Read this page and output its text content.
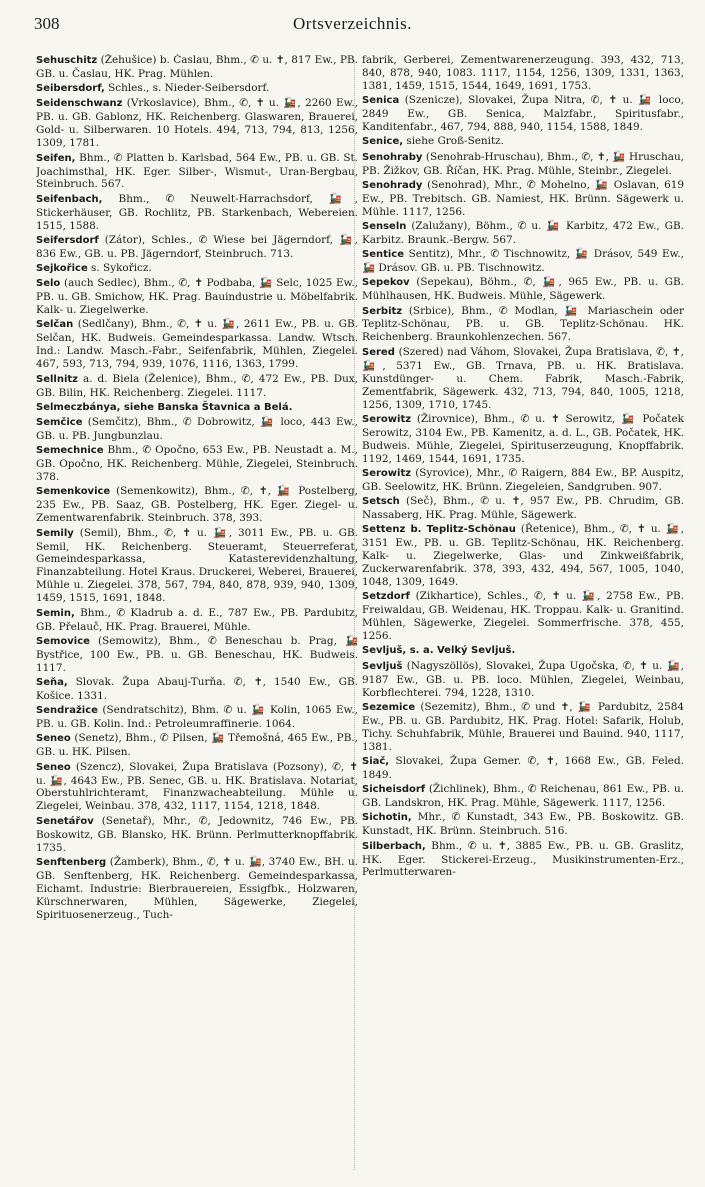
308	Ortsverzeichnis.

Sehuschitz (Žehušice) b. Časlau, Bhm., ✆ u. ✝, 817 Ew., PB. GB. u. Časlau, HK. Prag. Mühlen.

Seibersdorf, Schles., s. Nieder-Seibersdorf.

Seidenschwanz (Vrkoslavice), Bhm., ✆, ✝ u. 🚂, 2260 Ew., PB. u. GB. Gablonz, HK. Reichenberg. Glaswaren, Brauerei, Gold- u. Silberwaren. 10 Hotels. 494, 713, 794, 813, 1256, 1309, 1781.

Seifen, Bhm., ✆ Platten b. Karlsbad, 564 Ew., PB. u. GB. St. Joachimsthal, HK. Eger. Silber-, Wismut-, Uran-Bergbau, Steinbruch. 567.

Seifenbach, Bhm., ✆ Neuwelt-Harrachsdorf, 🚂, Stickerhäuser, GB. Rochlitz, PB. Starkenbach, Webereien. 1515, 1588.

Seifersdorf (Zátor), Schles., ✆ Wiese bei Jägerndorf, 🚂, 836 Ew., GB. u. PB. Jägerndorf, Steinbruch. 713.

Sejkořice s. Sykořicz.

Selo (auch Sedlec), Bhm., ✆, ✝ Podbaba, 🚂 Selc, 1025 Ew., PB. u. GB. Smichow, HK. Prag. Bauindustrie u. Möbelfabrik. Kalk- u. Ziegelwerke.

Selčan (Sedlčany), Bhm., ✆, ✝ u. 🚂, 2611 Ew., PB. u. GB. Selčan, HK. Budweis. Gemeindesparkassa. Landw. Wtsch. Ind.: Landw. Masch.-Fabr., Seifenfabrik, Mühlen, Ziegelei. 467, 593, 713, 794, 939, 1076, 1116, 1363, 1799.

Sellnitz a. d. Biela (Želenice), Bhm., ✆, 472 Ew., PB. Dux, GB. Bilin, HK. Reichenberg. Ziegelei. 1117.

Selmeczbánya, siehe Banska Štavnica a Belá.

Semčice (Semčitz), Bhm., ✆ Dobrowitz, 🚂 loco, 443 Ew., GB. u. PB. Jungbunzlau.

Semechnice Bhm., ✆ Opočno, 653 Ew., PB. Neustadt a. M., GB. Opočno, HK. Reichenberg. Mühle, Ziegelei, Steinbruch. 378.

Semenkovice (Semenkowitz), Bhm., ✆, ✝, 🚂 Postelberg, 235 Ew., PB. Saaz, GB. Postelberg, HK. Eger. Ziegel- u. Zementwarenfabrik. Steinbruch. 378, 393.

Semily (Semil), Bhm., ✆, ✝ u. 🚂, 3011 Ew., PB. u. GB. Semil, HK. Reichenberg. Steueramt, Steuerreferat, Gemeindesparkassa, Katasterevidenzhaltung, Finanzabteilung. Hotel Kraus. Druckerei, Weberei, Brauerei, Mühle u. Ziegelei. 378, 567, 794, 840, 878, 939, 940, 1309, 1459, 1515, 1691, 1848.

Semin, Bhm., ✆ Kladrub a. d. E., 787 Ew., PB. Pardubitz, GB. Přelauč, HK. Prag. Brauerei, Mühle.

Semovice (Semowitz), Bhm., ✆ Beneschau b. Prag, 🚂 Bystřice, 100 Ew., PB. u. GB. Beneschau, HK. Budweis. 1117.

Seňa, Slovak. Župa Abauj-Turňa. ✆, ✝, 1540 Ew., GB. Košice. 1331.

Sendražice (Sendratschitz), Bhm. ✆ u. 🚂 Kolin, 1065 Ew., PB. u. GB. Kolin. Ind.: Petroleumraffinerie. 1064.

Seneo (Senetz), Bhm., ✆ Pilsen, 🚂 Třemošná, 465 Ew., PB., GB. u. HK. Pilsen.

Seneo (Szencz), Slovakei, Župa Bratislava (Pozsony), ✆, ✝ u. 🚂, 4643 Ew., PB. Senec, GB. u. HK. Bratislava. Notariat, Oberstuhlrichteramt, Finanzwacheabteilung. Mühle u. Ziegelei, Weinbau. 378, 432, 1117, 1154, 1218, 1848.

Senetářov (Senetař), Mhr., ✆, Jedownitz, 746 Ew., PB. Boskowitz, GB. Blansko, HK. Brünn. Perlmutterknopffabrik. 1735.

Senftenberg (Žamberk), Bhm., ✆, ✝ u. 🚂, 3740 Ew., BH. u. GB. Senftenberg, HK. Reichenberg. Gemeindesparkassa, Eichamt. Industrie: Bierbrauereien, Essigfbk., Holzwaren, Kürschnerwaren, Mühlen, Sägewerke, Ziegelei, Spirituosenerzeug., Tuch-

fabrik, Gerberei, Zementwarenerzeugung. 393, 432, 713, 840, 878, 940, 1083. 1117, 1154, 1256, 1309, 1331, 1363, 1381, 1459, 1515, 1544, 1649, 1691, 1753.

Senica (Szenicze), Slovakei, Župa Nitra, ✆, ✝ u. 🚂 loco, 2849 Ew., GB. Senica, Malzfabr., Spiritusfabr., Kanditenfabr., 467, 794, 888, 940, 1154, 1588, 1849.

Senice, siehe Groß-Senitz.

Senohraby (Senohrab-Hruschau), Bhm., ✆, ✝, 🚂 Hruschau, PB. Žižkov, GB. Říčan, HK. Prag. Mühle, Steinbr., Ziegelei.

Senohrady (Senohrad), Mhr., ✆ Mohelno, 🚂 Oslavan, 619 Ew., PB. Trebitsch. GB. Namiest, HK. Brünn. Sägewerk u. Mühle. 1117, 1256.

Senseln (Zalužany), Böhm., ✆ u. 🚂 Karbitz, 472 Ew., GB. Karbitz. Braunk.-Bergw. 567.

Sentice Sentitz), Mhr., ✆ Tischnowitz, 🚂 Drásov, 549 Ew., 🚂 Drásov. GB. u. PB. Tischnowitz.

Sepekov (Sepekau), Böhm., ✆, 🚂, 965 Ew., PB. u. GB. Mühlhausen, HK. Budweis. Mühle, Sägewerk.

Serbitz (Srbice), Bhm., ✆ Modlan, 🚂 Mariaschein oder Teplitz-Schönau, PB. u. GB. Teplitz-Schönau. HK. Reichenberg. Braunkohlenzechen. 567.

Sered (Szered) nad Váhom, Slovakei, Župa Bratislava, ✆, ✝, 🚂, 5371 Ew., GB. Trnava, PB. u. HK. Bratislava. Kunstdünger- u. Chem. Fabrik, Masch.-Fabrik, Zementfabrik, Sägewerk. 432, 713, 794, 840, 1005, 1218, 1256, 1309, 1710, 1745.

Serowitz (Žirovnice), Bhm., ✆ u. ✝ Serowitz, 🚂 Počatek Serowitz, 3104 Ew., PB. Kamenitz, a. d. L., GB. Počatek, HK. Budweis. Mühle, Ziegelei, Spirituserzeugung, Knopffabrik. 1192, 1469, 1544, 1691, 1735.

Serowitz (Syrovice), Mhr., ✆ Raigern, 884 Ew., BP. Auspitz, GB. Seelowitz, HK. Brünn. Ziegeleien, Sandgruben. 907.

Setsch (Seč), Bhm., ✆ u. ✝, 957 Ew., PB. Chrudim, GB. Nassaberg, HK. Prag. Mühle, Sägewerk.

Settenz b. Teplitz-Schönau (Řetenice), Bhm., ✆, ✝ u. 🚂, 3151 Ew., PB. u. GB. Teplitz-Schönau, HK. Reichenberg. Kalk- u. Ziegelwerke, Glas- und Zinkweißfabrik, Zuckerwarenfabrik. 378, 393, 432, 494, 567, 1005, 1040, 1048, 1309, 1649.

Setzdorf (Zikhartice), Schles., ✆, ✝ u. 🚂, 2758 Ew., PB. Freiwaldau, GB. Weidenau, HK. Troppau. Kalk- u. Granitind. Mühlen, Sägewerke, Ziegelei. Sommerfrische. 378, 455, 1256.

Sevljuš, s. a. Velký Sevljuš.

Sevljuš (Nagyszöllös), Slovakei, Župa Ugočska, ✆, ✝ u. 🚂, 9187 Ew., GB. u. PB. loco. Mühlen, Ziegelei, Weinbau, Korbflechterei. 794, 1228, 1310.

Sezemice (Sezemitz), Bhm., ✆ und ✝, 🚂 Pardubitz, 2584 Ew., PB. u. GB. Pardubitz, HK. Prag. Hotel: Safarik, Holub, Tichy. Schuhfabrik, Mühle, Brauerei und Bauind. 940, 1117, 1381.

Siač, Slovakei, Župa Gemer. ✆, ✝, 1668 Ew., GB. Feled. 1849.

Sicheisdorf (Žichlinek), Bhm., ✆ Reichenau, 861 Ew., PB. u. GB. Landskron, HK. Prag. Mühle, Sägewerk. 1117, 1256.

Sichotin, Mhr., ✆ Kunstadt, 343 Ew., PB. Boskowitz. GB. Kunstadt, HK. Brünn. Steinbruch. 516.

Silberbach, Bhm., ✆ u. ✝, 3885 Ew., PB. u. GB. Graslitz, HK. Eger. Stickerei-Erzeug., Musikinstrumenten-Erz., Perlmutterwaren-
